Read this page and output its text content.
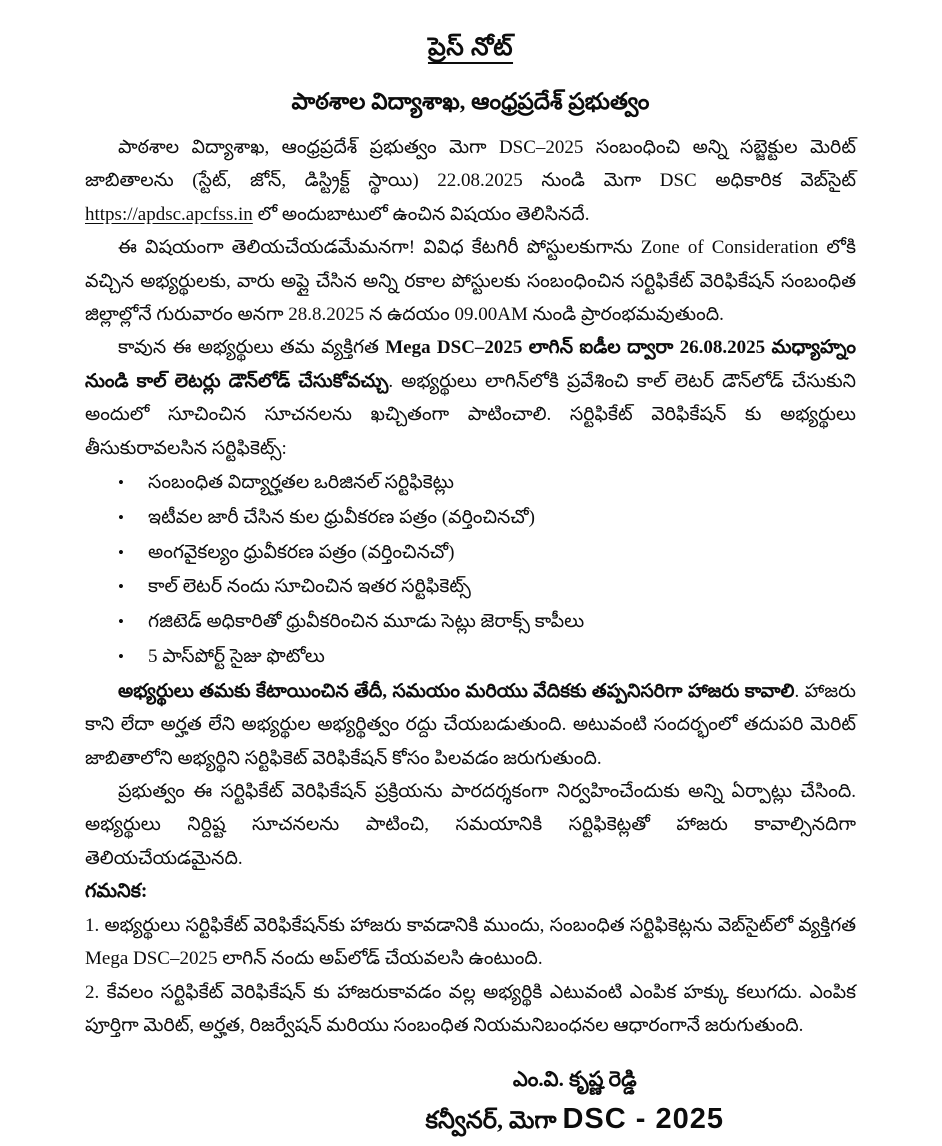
ప్రెస్ నోట్
పాఠశాల విద్యాశాఖ, ఆంధ్రప్రదేశ్ ప్రభుత్వం

పాఠశాల విద్యాశాఖ, ఆంధ్రప్రదేశ్ ప్రభుత్వం మెగా DSC–2025 సంబంధించి అన్ని సబ్జెక్టుల మెరిట్ జాబితాలను (స్టేట్, జోన్, డిస్ట్రిక్ట్ స్థాయి) 22.08.2025 నుండి మెగా DSC అధికారిక వెబ్‌సైట్ https://apdsc.apcfss.in లో అందుబాటులో ఉంచిన విషయం తెలిసినదే.

ఈ విషయంగా తెలియచేయడమేమనగా! వివిధ కేటగిరీ పోస్టులకుగాను Zone of Consideration లోకి వచ్చిన అభ్యర్థులకు, వారు అప్లై చేసిన అన్ని రకాల పోస్టులకు సంబంధించిన సర్టిఫికేట్ వెరిఫికేషన్ సంబంధిత జిల్లాల్లోనే గురువారం అనగా 28.8.2025 న ఉదయం 09.00AM నుండి ప్రారంభమవుతుంది.

కావున ఈ అభ్యర్థులు తమ వ్యక్తిగత Mega DSC–2025 లాగిన్ ఐడీల ద్వారా 26.08.2025 మధ్యాహ్నం నుండి కాల్ లెటర్లు డౌన్‌లోడ్ చేసుకోవచ్చు. అభ్యర్థులు లాగిన్‌లోకి ప్రవేశించి కాల్ లెటర్ డౌన్‌లోడ్ చేసుకుని అందులో సూచించిన సూచనలను ఖచ్చితంగా పాటించాలి. సర్టిఫికేట్ వెరిఫికేషన్ కు అభ్యర్థులు తీసుకురావలసిన సర్టిఫికెట్స్:

• సంబంధిత విద్యార్హతల ఒరిజినల్ సర్టిఫికెట్లు
• ఇటీవల జారీ చేసిన కుల ధ్రువీకరణ పత్రం (వర్తించినచో)
• అంగవైకల్యం ధ్రువీకరణ పత్రం (వర్తించినచో)
• కాల్ లెటర్ నందు సూచించిన ఇతర సర్టిఫికెట్స్
• గజిటెడ్ అధికారితో ధ్రువీకరించిన మూడు సెట్లు జెరాక్స్ కాపీలు
• 5 పాస్‌పోర్ట్ సైజు ఫొటోలు

అభ్యర్థులు తమకు కేటాయించిన తేదీ, సమయం మరియు వేదికకు తప్పనిసరిగా హాజరు కావాలి. హాజరు కాని లేదా అర్హత లేని అభ్యర్థుల అభ్యర్థిత్వం రద్దు చేయబడుతుంది. అటువంటి సందర్భంలో తదుపరి మెరిట్ జాబితాలోని అభ్యర్థిని సర్టిఫికెట్ వెరిఫికేషన్ కోసం పిలవడం జరుగుతుంది.

ప్రభుత్వం ఈ సర్టిఫికేట్ వెరిఫికేషన్ ప్రక్రియను పారదర్శకంగా నిర్వహించేందుకు అన్ని ఏర్పాట్లు చేసింది. అభ్యర్థులు నిర్దిష్ట సూచనలను పాటించి, సమయానికి సర్టిఫికెట్లతో హాజరు కావాల్సినదిగా తెలియచేయడమైనది.

గమనిక:

1. అభ్యర్థులు సర్టిఫికేట్ వెరిఫికేషన్‌కు హాజరు కావడానికి ముందు, సంబంధిత సర్టిఫికెట్లను వెబ్‌సైట్‌లో వ్యక్తిగత Mega DSC–2025 లాగిన్ నందు అప్‌లోడ్ చేయవలసి ఉంటుంది.

2. కేవలం సర్టిఫికేట్ వెరిఫికేషన్ కు హాజరుకావడం వల్ల అభ్యర్థికి ఎటువంటి ఎంపిక హక్కు కలుగదు. ఎంపిక పూర్తిగా మెరిట్, అర్హత, రిజర్వేషన్ మరియు సంబంధిత నియమనిబంధనల ఆధారంగానే జరుగుతుంది.

ఎం.వి. కృష్ణ రెడ్డి
కన్వీనర్, మెగా DSC - 2025
